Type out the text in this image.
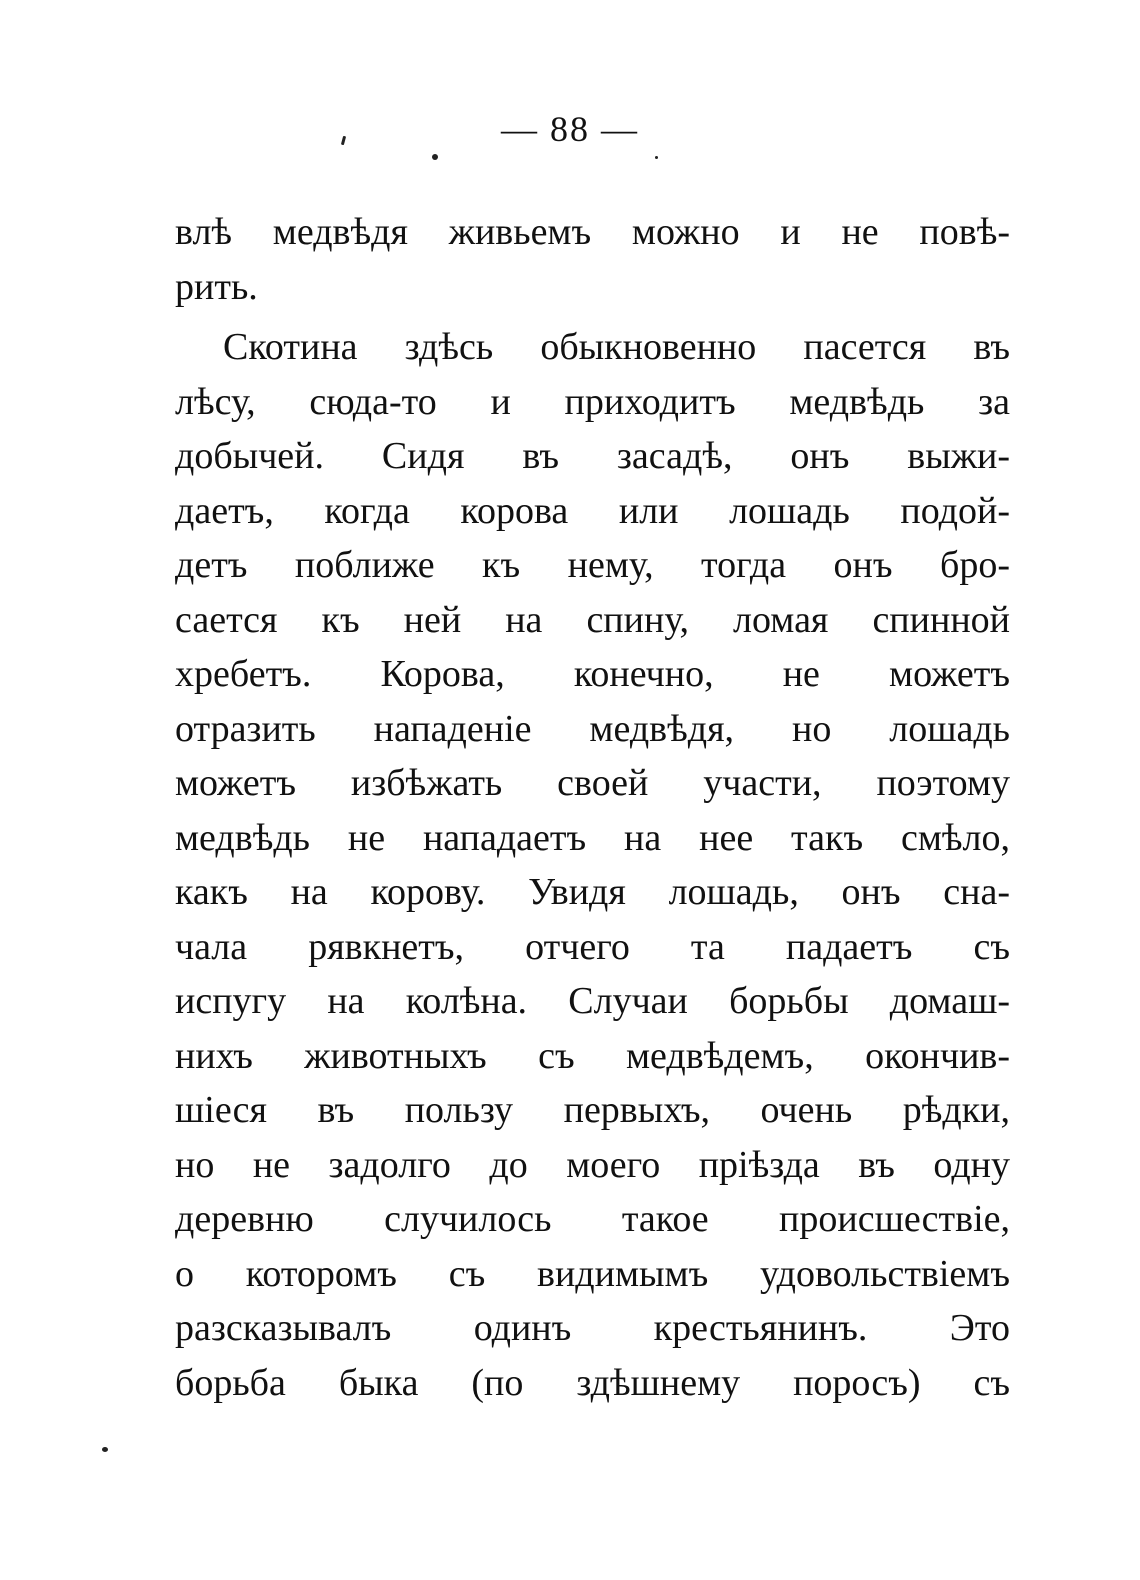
— 88 —
влѣ медвѣдя живьемъ можно и не повѣ-
рить.
Скотина здѣсь обыкновенно пасется въ
лѣсу, сюда-то и приходитъ медвѣдь за
добычей. Сидя въ засадѣ, онъ выжи-
даетъ, когда корова или лошадь подой-
детъ поближе къ нему, тогда онъ бро-
сается къ ней на спину, ломая спинной
хребетъ. Корова, конечно, не можетъ
отразить нападеніе медвѣдя, но лошадь
можетъ избѣжать своей участи, поэтому
медвѣдь не нападаетъ на нее такъ смѣло,
какъ на корову. Увидя лошадь, онъ сна-
чала рявкнетъ, отчего та падаетъ съ
испугу на колѣна. Случаи борьбы домаш-
нихъ животныхъ съ медвѣдемъ, окончив-
шіеся въ пользу первыхъ, очень рѣдки,
но не задолго до моего пріѣзда въ одну
деревню случилось такое происшествіе,
о которомъ съ видимымъ удовольствіемъ
разсказывалъ одинъ крестьянинъ. Это
борьба быка (по здѣшнему поросъ) съ
